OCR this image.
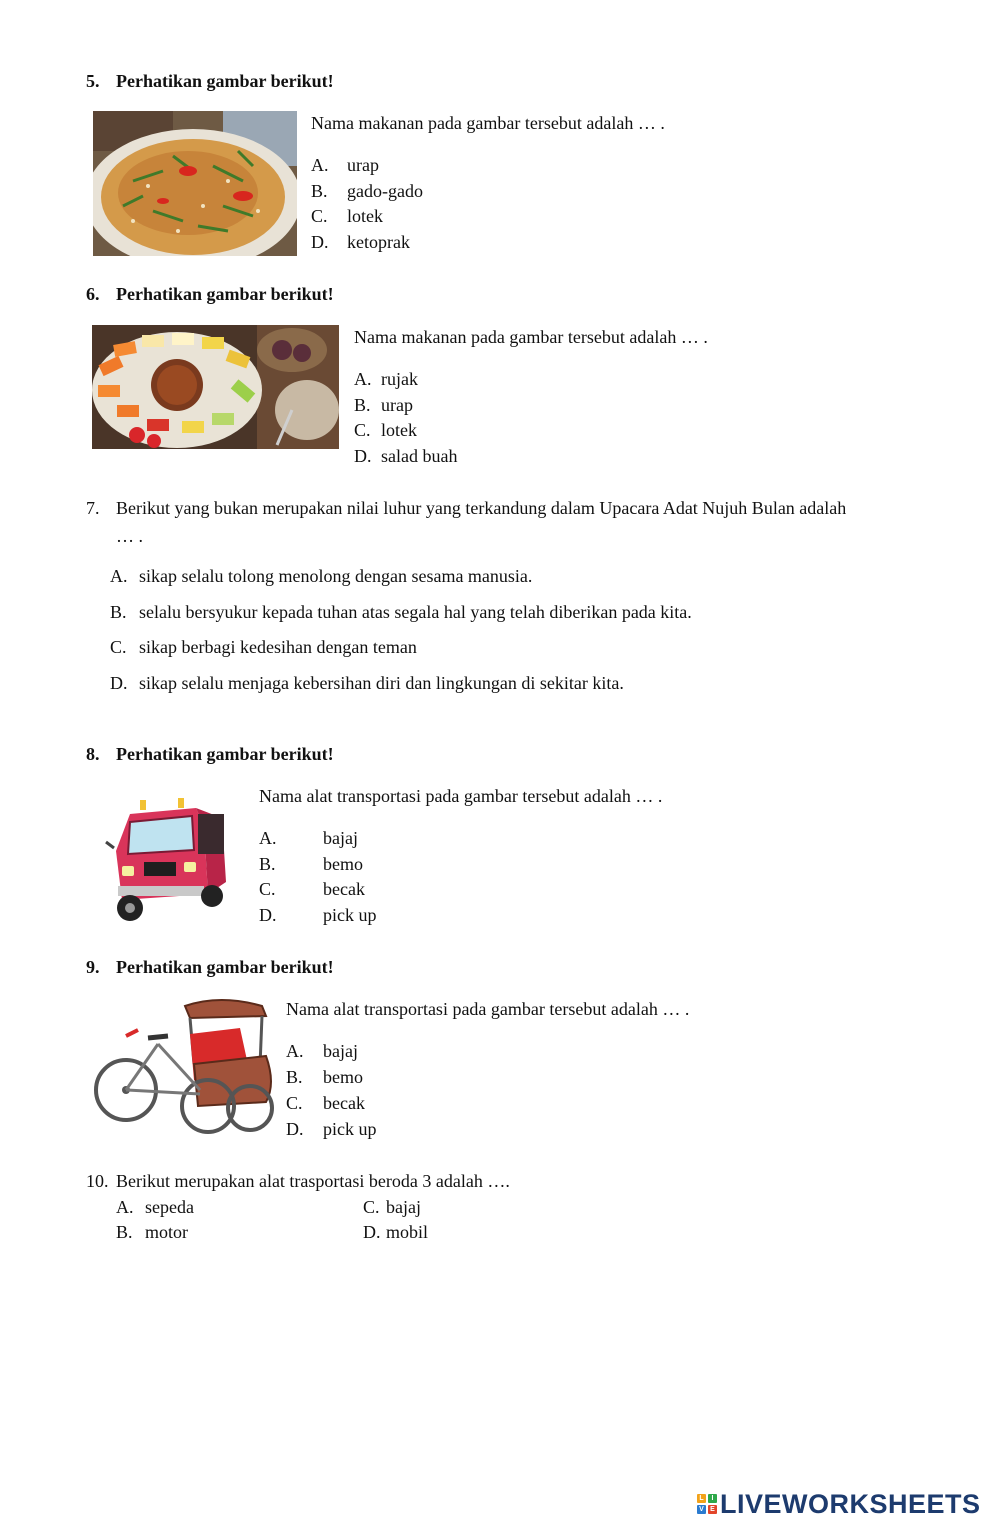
5. Perhatikan gambar berikut!
Nama makanan pada gambar tersebut adalah … .
A. urap
B. gado-gado
C. lotek
D. ketoprak
6. Perhatikan gambar berikut!
Nama makanan pada gambar tersebut adalah … .
A. rujak
B. urap
C. lotek
D. salad buah
7. Berikut yang bukan merupakan nilai luhur yang terkandung dalam Upacara Adat Nujuh Bulan adalah
… .
A. sikap selalu tolong menolong dengan sesama manusia.
B. selalu bersyukur kepada tuhan atas segala hal yang telah diberikan pada kita.
C. sikap berbagi kedesihan dengan teman
D. sikap selalu menjaga kebersihan diri dan lingkungan di sekitar kita.
8. Perhatikan gambar berikut!
Nama alat transportasi pada gambar tersebut adalah … .
A.	bajaj
B.	bemo
C.	becak
D.	pick up
9. Perhatikan gambar berikut!
Nama alat transportasi pada gambar tersebut adalah … .
A. bajaj
B. bemo
C. becak
D. pick up
10. Berikut merupakan alat trasportasi beroda 3 adalah ….
A. sepeda
B. motor
C. bajaj
D. mobil
L	I
V E LIVEWORKSHEETS
